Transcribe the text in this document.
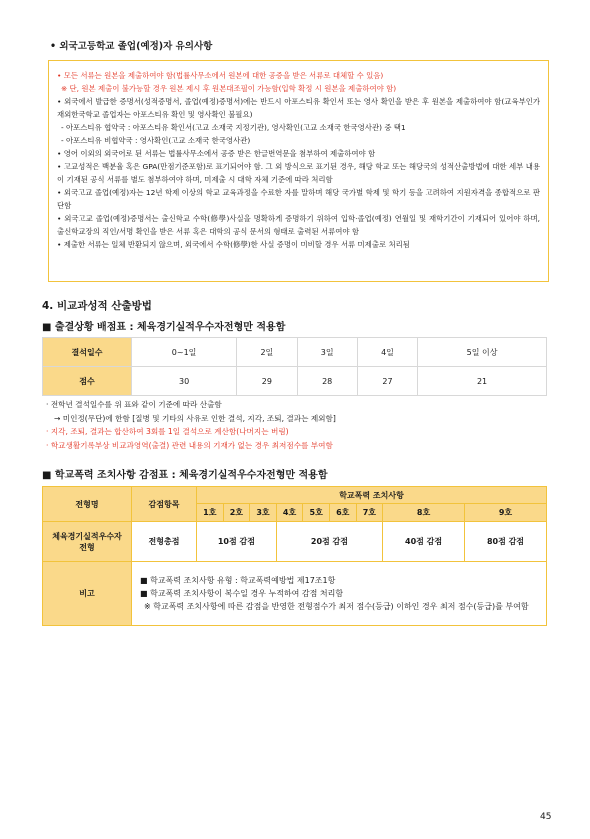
• 외국고등학교 졸업(예정)자 유의사항

• 모든 서류는 원본을 제출하여야 함(법률사무소에서 원본에 대한 공증을 받은 서류로 대체할 수 있음)

※ 단, 원본 제출이 불가능할 경우 원본 제시 후 원본대조필이 가능함(입학 확정 시 원본을 제출하여야 함)

• 외국에서 발급한 증명서(성적증명서, 졸업(예정)증명서)에는 반드시 아포스티유 확인서 또는 영사 확인을 받은 후 원본을 제출하여야 함(교육부인가 재외한국학교 졸업자는 아포스티유 확인 및 영사확인 불필요)

- 아포스티유 협약국 : 아포스티유 확인서(고교 소재국 지정기관), 영사확인(고교 소재국 한국영사관) 중 택1

- 아포스티유 비협약국 : 영사확인(고교 소재국 한국영사관)

• 영어 이외의 외국어로 된 서류는 법률사무소에서 공증 받은 한글번역문을 첨부하여 제출하여야 함

• 고교성적은 백분율 혹은 GPA(만점기준포함)로 표기되어야 함. 그 외 방식으로 표기된 경우, 해당 학교 또는 해당국의 성적산출방법에 대한 세부 내용이 기재된 공식 서류를 별도 첨부하여야 하며, 미제출 시 대학 자체 기준에 따라 처리함

• 외국고교 졸업(예정)자는 12년 학제 이상의 학교 교육과정을 수료한 자를 말하며 해당 국가별 학제 및 학기 등을 고려하여 지원자격을 종합적으로 판단함

• 외국고교 졸업(예정)증명서는 출신학교 수학(修學)사실을 명확하게 증명하기 위하여 입학·졸업(예정) 연월일 및 재학기간이 기재되어 있어야 하며, 출신학교장의 직인/서명 확인을 받은 서류 혹은 대학의 공식 문서의 형태로 출력된 서류여야 함

• 제출한 서류는 일체 반환되지 않으며, 외국에서 수학(修學)한 사실 증명이 미비할 경우 서류 미제출로 처리됨

4. 비교과성적 산출방법
■ 출결상황 배점표 : 체육경기실적우수자전형만 적용함
결석일수	0~1일	2일	3일	4일	5일 이상
점수	30	29	28	27	21

· 전학년 결석일수를 위 표와 같이 기준에 따라 산출함

→ 미인정(무단)에 한함 [질병 및 기타의 사유로 인한 결석, 지각, 조퇴, 결과는 제외함]

· 지각, 조퇴, 결과는 합산하여 3회를 1일 결석으로 계산함(나머지는 버림)

· 학교생활기록부상 비교과영역(출결) 관련 내용의 기재가 없는 경우 최저점수를 부여함

■ 학교폭력 조치사항 감점표 : 체육경기실적우수자전형만 적용함
전형명	감점항목	학교폭력 조치사항								
		1호	2호	3호	4호	5호	6호	7호	8호	9호
체육경기실적우수자전형	전형총점	10점 감점			20점 감점				40점 감점	80점 감점
비고	■ 학교폭력 조치사항 유형 : 학교폭력예방법 제17조1항
■ 학교폭력 조치사항이 복수일 경우 누적하여 감점 처리함
※ 학교폭력 조치사항에 따른 감점을 반영한 전형점수가 최저 점수(등급) 이하인 경우 최저 점수(등급)를 부여함									
45
